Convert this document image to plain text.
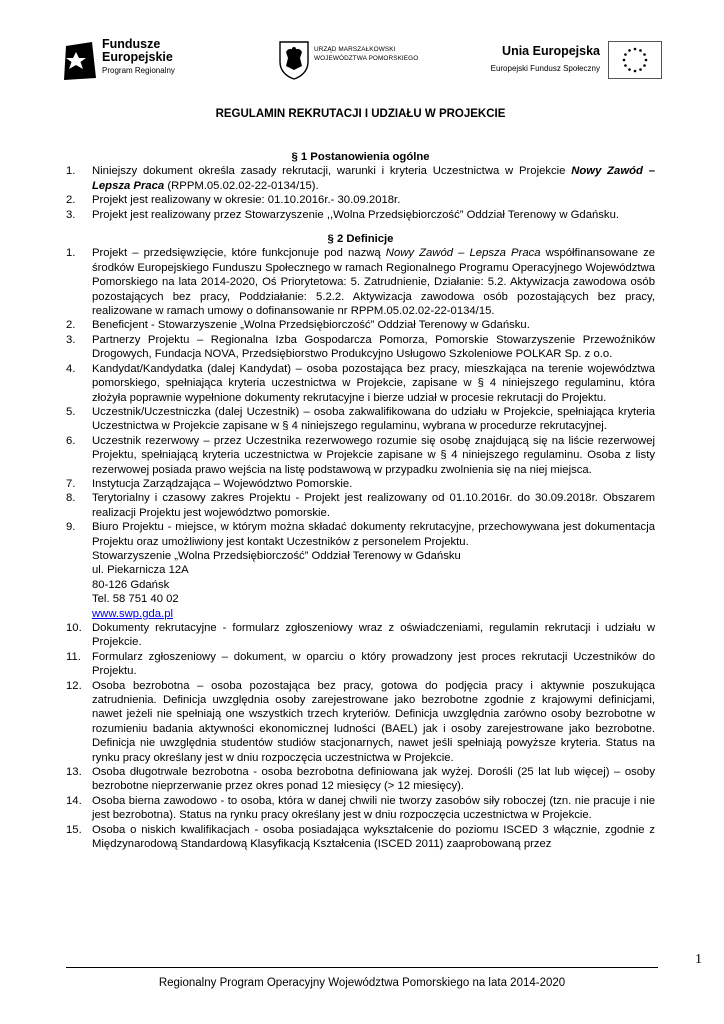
Fundusze
Europejskie
Program Regionalny
URZĄD MARSZAŁKOWSKI
WOJEWÓDZTWA POMORSKIEGO
Unia Europejska
Europejski Fundusz Społeczny

REGULAMIN REKRUTACJI I UDZIAŁU W PROJEKCIE

§ 1 Postanowienia ogólne

1. Niniejszy dokument określa zasady rekrutacji, warunki i kryteria Uczestnictwa w Projekcie Nowy Zawód – Lepsza Praca (RPPM.05.02.02-22-0134/15).

2. Projekt jest realizowany w okresie: 01.10.2016r.- 30.09.2018r.

3. Projekt jest realizowany przez Stowarzyszenie ,,Wolna Przedsiębiorczość” Oddział Terenowy w Gdańsku.

§ 2 Definicje

1. Projekt – przedsięwzięcie, które funkcjonuje pod nazwą Nowy Zawód – Lepsza Praca współfinansowane ze środków Europejskiego Funduszu Społecznego w ramach Regionalnego Programu Operacyjnego Województwa Pomorskiego na lata 2014-2020, Oś Priorytetowa: 5. Zatrudnienie, Działanie: 5.2. Aktywizacja zawodowa osób pozostających bez pracy, Poddziałanie: 5.2.2. Aktywizacja zawodowa osób pozostających bez pracy, realizowane w ramach umowy o dofinansowanie nr RPPM.05.02.02-22-0134/15.

2. Beneficjent - Stowarzyszenie „Wolna Przedsiębiorczość” Oddział Terenowy w Gdańsku.

3. Partnerzy Projektu – Regionalna Izba Gospodarcza Pomorza, Pomorskie Stowarzyszenie Przewoźników Drogowych, Fundacja NOVA, Przedsiębiorstwo Produkcyjno Usługowo Szkoleniowe POLKAR Sp. z o.o.

4. Kandydat/Kandydatka (dalej Kandydat) – osoba pozostająca bez pracy, mieszkająca na terenie województwa pomorskiego, spełniająca kryteria uczestnictwa w Projekcie, zapisane w § 4 niniejszego regulaminu, która złożyła poprawnie wypełnione dokumenty rekrutacyjne i bierze udział w procesie rekrutacji do Projektu.

5. Uczestnik/Uczestniczka (dalej Uczestnik) – osoba zakwalifikowana do udziału w Projekcie, spełniająca kryteria Uczestnictwa w Projekcie zapisane w § 4 niniejszego regulaminu, wybrana w procedurze rekrutacyjnej.

6. Uczestnik rezerwowy – przez Uczestnika rezerwowego rozumie się osobę znajdującą się na liście rezerwowej Projektu, spełniającą kryteria uczestnictwa w Projekcie zapisane w § 4 niniejszego regulaminu. Osoba z listy rezerwowej posiada prawo wejścia na listę podstawową w przypadku zwolnienia się na niej miejsca.

7. Instytucja Zarządzająca – Województwo Pomorskie.

8. Terytorialny i czasowy zakres Projektu - Projekt jest realizowany od 01.10.2016r. do 30.09.2018r. Obszarem realizacji Projektu jest województwo pomorskie.

9. Biuro Projektu - miejsce, w którym można składać dokumenty rekrutacyjne, przechowywana jest dokumentacja Projektu oraz umożliwiony jest kontakt Uczestników z personelem Projektu.
Stowarzyszenie „Wolna Przedsiębiorczość” Oddział Terenowy w Gdańsku
ul. Piekarnicza 12A
80-126 Gdańsk
Tel. 58 751 40 02
www.swp.gda.pl

10. Dokumenty rekrutacyjne - formularz zgłoszeniowy wraz z oświadczeniami, regulamin rekrutacji i udziału w Projekcie.

11. Formularz zgłoszeniowy – dokument, w oparciu o który prowadzony jest proces rekrutacji Uczestników do Projektu.

12. Osoba bezrobotna – osoba pozostająca bez pracy, gotowa do podjęcia pracy i aktywnie poszukująca zatrudnienia. Definicja uwzględnia osoby zarejestrowane jako bezrobotne zgodnie z krajowymi definicjami, nawet jeżeli nie spełniają one wszystkich trzech kryteriów. Definicja uwzględnia zarówno osoby bezrobotne w rozumieniu badania aktywności ekonomicznej ludności (BAEL) jak i osoby zarejestrowane jako bezrobotne. Definicja nie uwzględnia studentów studiów stacjonarnych, nawet jeśli spełniają powyższe kryteria. Status na rynku pracy określany jest w dniu rozpoczęcia uczestnictwa w Projekcie.

13. Osoba długotrwale bezrobotna - osoba bezrobotna definiowana jak wyżej. Dorośli (25 lat lub więcej) – osoby bezrobotne nieprzerwanie przez okres ponad 12 miesięcy (> 12 miesięcy).

14. Osoba bierna zawodowo - to osoba, która w danej chwili nie tworzy zasobów siły roboczej (tzn. nie pracuje i nie jest bezrobotna). Status na rynku pracy określany jest w dniu rozpoczęcia uczestnictwa w Projekcie.

15. Osoba o niskich kwalifikacjach - osoba posiadająca wykształcenie do poziomu ISCED 3 włącznie, zgodnie z Międzynarodową Standardową Klasyfikacją Kształcenia (ISCED 2011) zaaprobowaną przez

1
Regionalny Program Operacyjny Województwa Pomorskiego na lata 2014-2020
